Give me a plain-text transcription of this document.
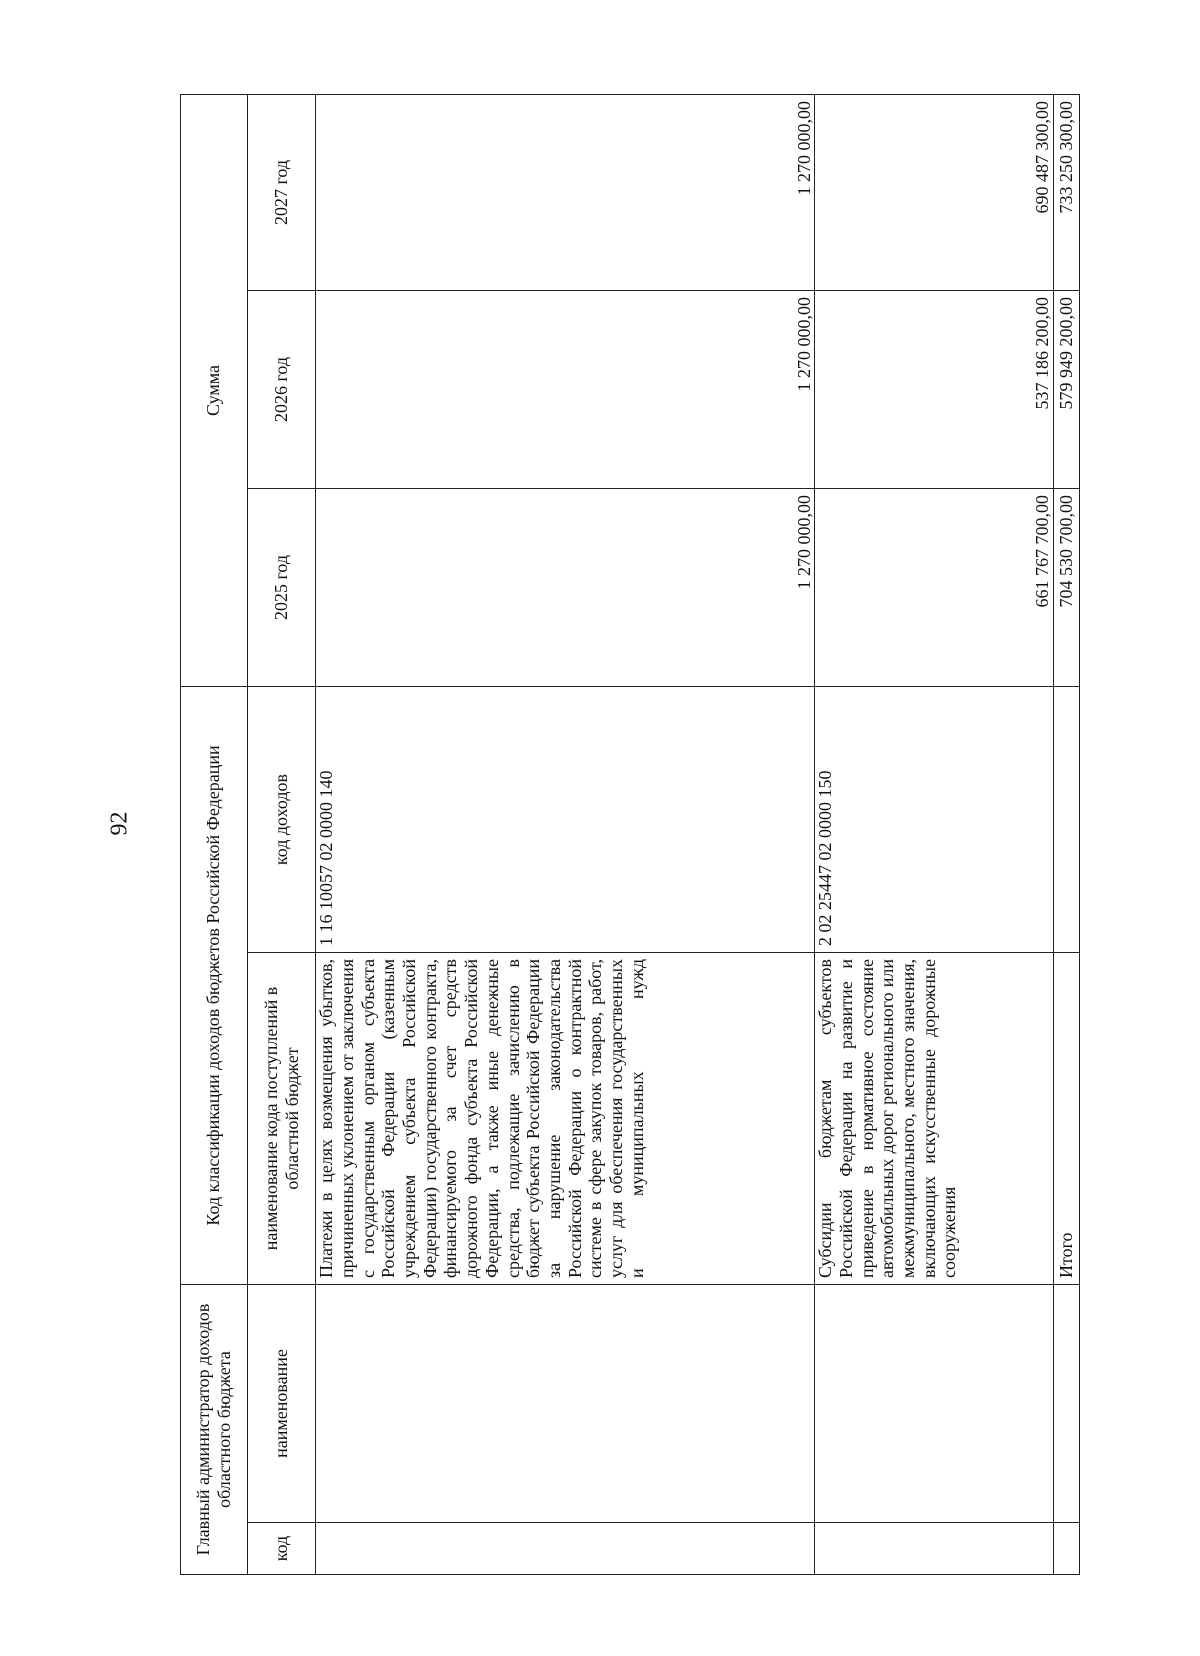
92
Главный администратор доходов областного бюджета		Код классификации доходов бюджетов Российской Федерации		Сумма		
код	наименование	наименование кода поступлений в областной бюджет	код доходов	2025 год	2026 год	2027 год

		Платежи в целях возмещения убытков, причиненных уклонением от заключения с государственным органом субъекта Российской Федерации (казенным учреждением субъекта Российской Федерации) государственного контракта, финансируемого за счет средств дорожного фонда субъекта Российской Федерации, а также иные денежные средства, подлежащие зачислению в бюджет субъекта Российской Федерации за нарушение законодательства Российской Федерации о контрактной системе в сфере закупок товаров, работ, услуг для обеспечения государственных и муниципальных нужд	1 16 10057 02 0000 140	1 270 000,00	1 270 000,00	1 270 000,00

		Субсидии бюджетам субъектов Российской Федерации на развитие и приведение в нормативное состояние автомобильных дорог регионального или межмуниципального, местного значения, включающих искусственные дорожные сооружения	2 02 25447 02 0000 150	661 767 700,00	537 186 200,00	690 487 300,00
		Итого		704 530 700,00	579 949 200,00	733 250 300,00
